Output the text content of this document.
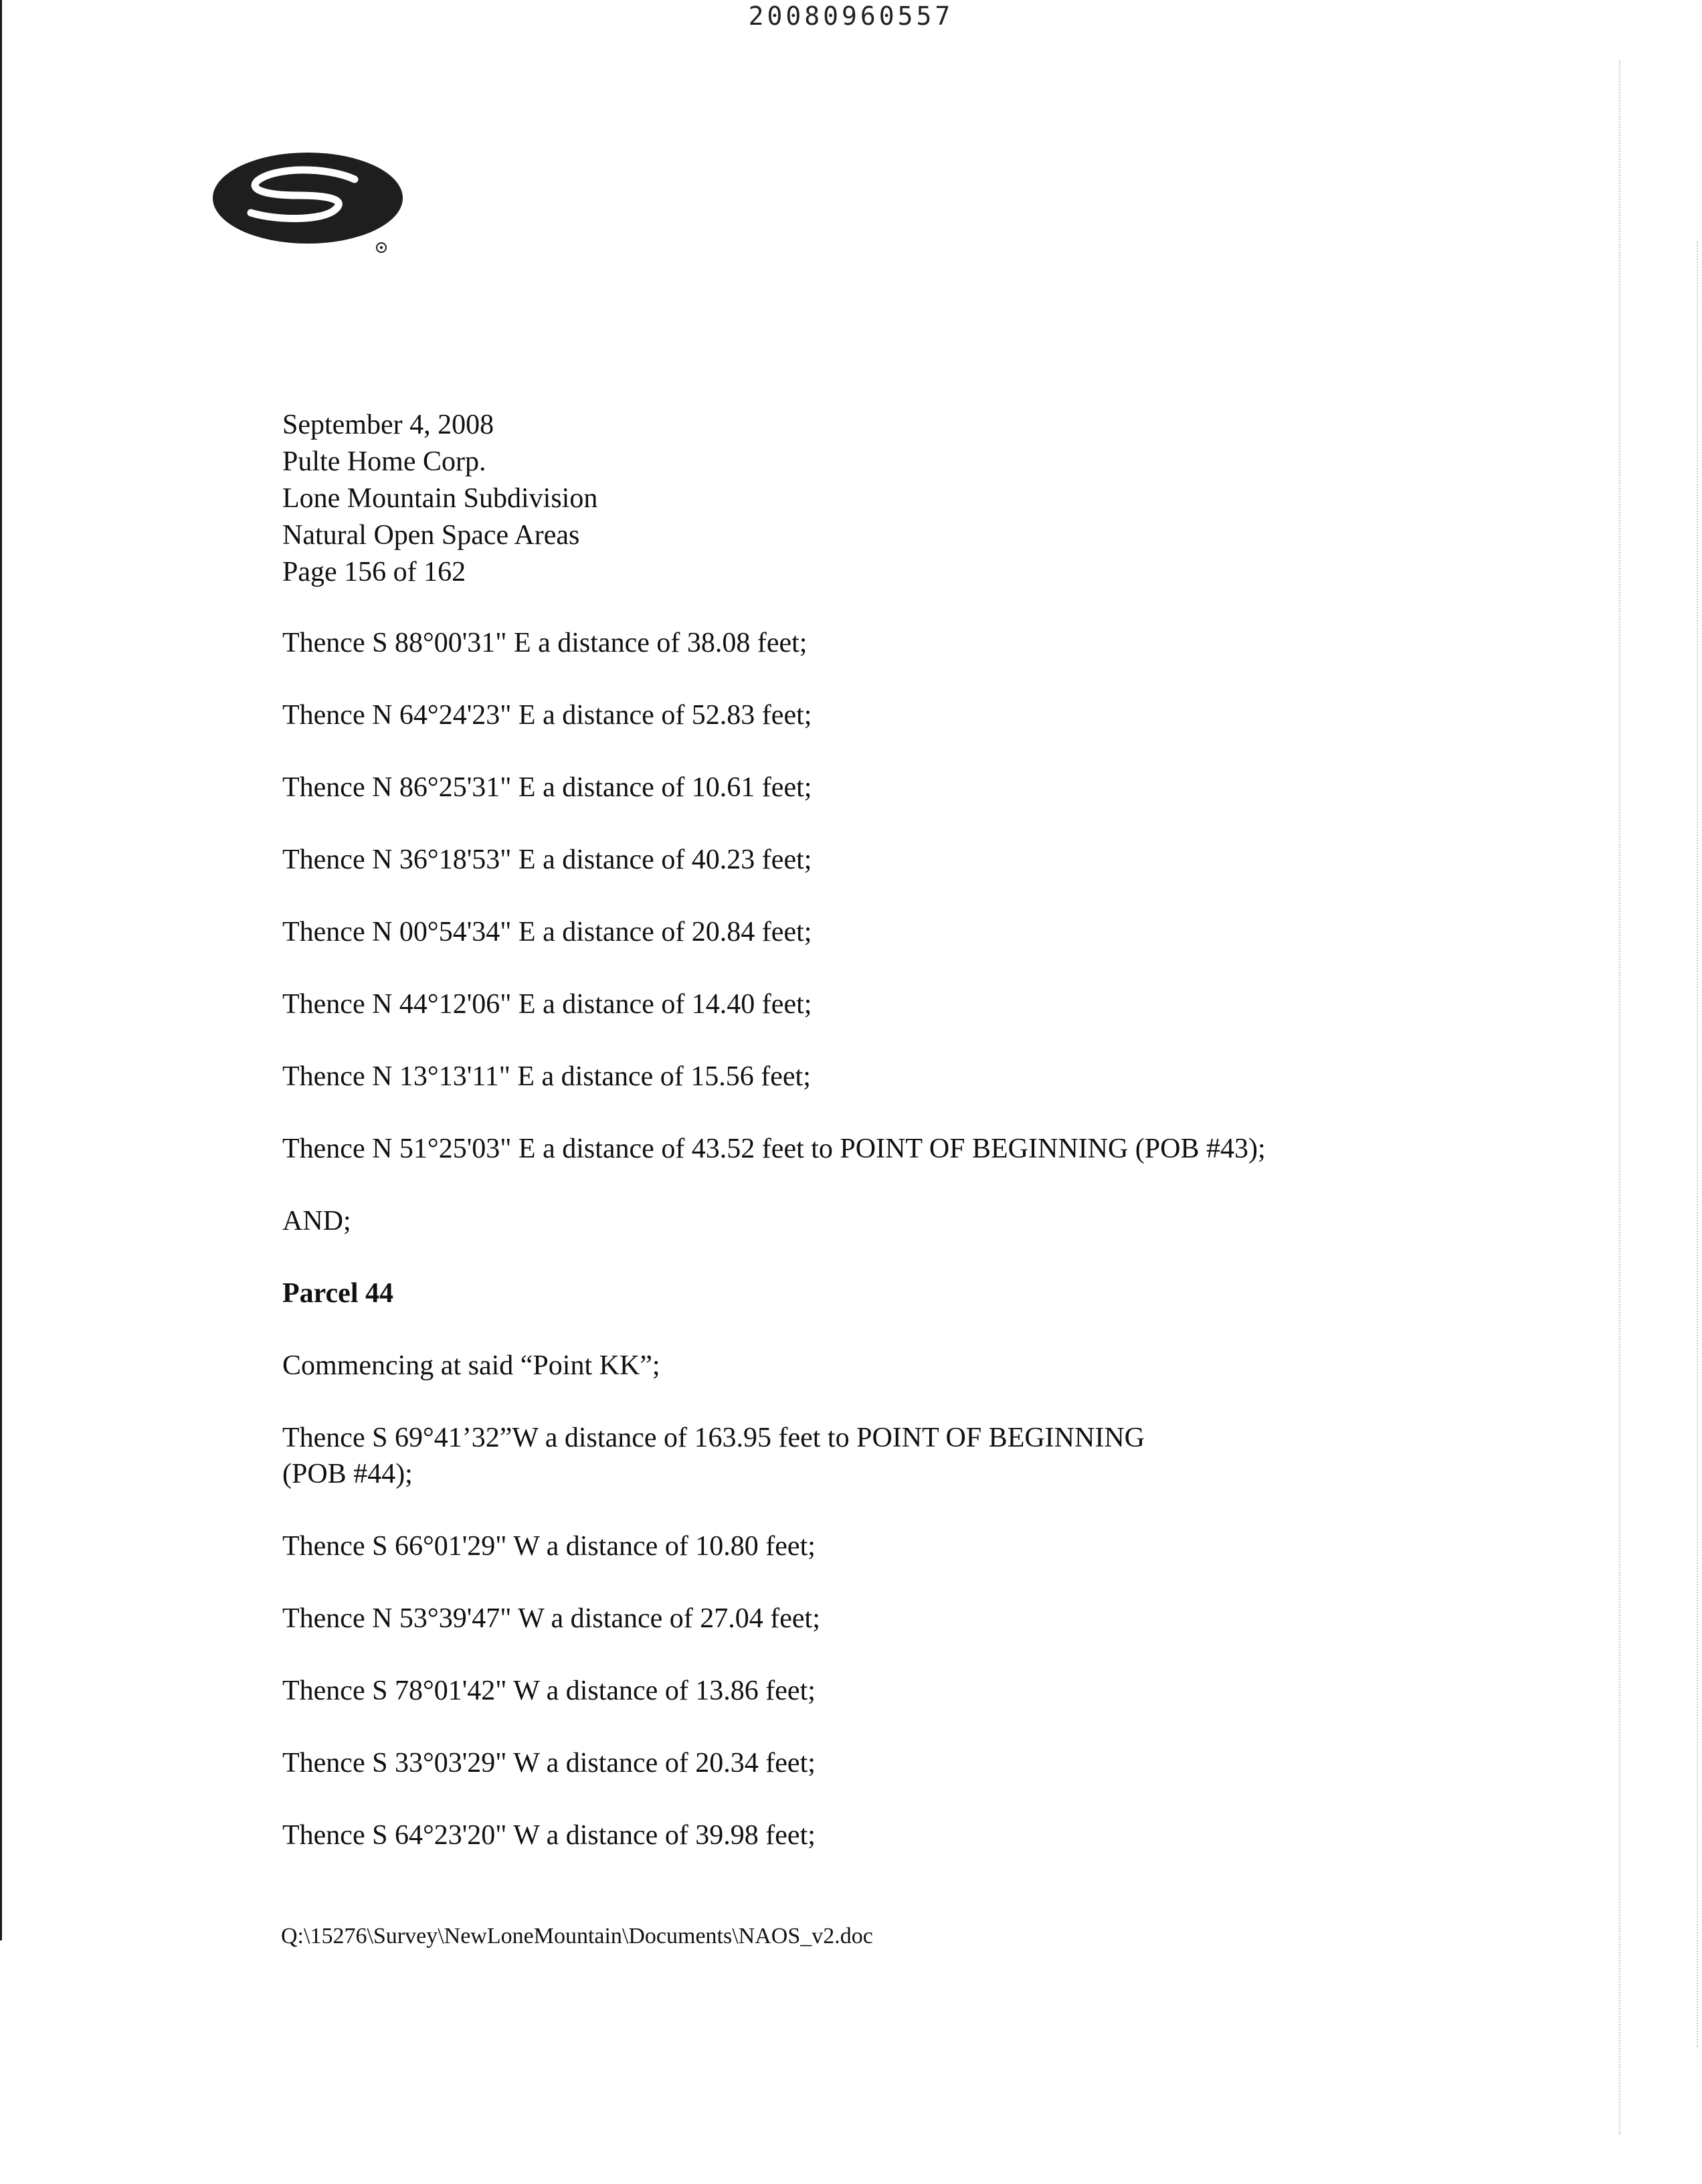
20080960557
September 4, 2008
Pulte Home Corp.
Lone Mountain Subdivision
Natural Open Space Areas
Page 156 of 162
Thence S 88°00'31" E a distance of 38.08 feet;
Thence N 64°24'23" E a distance of 52.83 feet;
Thence N 86°25'31" E a distance of 10.61 feet;
Thence N 36°18'53" E a distance of 40.23 feet;
Thence N 00°54'34" E a distance of 20.84 feet;
Thence N 44°12'06" E a distance of 14.40 feet;
Thence N 13°13'11" E a distance of 15.56 feet;
Thence N 51°25'03" E a distance of 43.52 feet to POINT OF BEGINNING (POB #43);
AND;
Parcel 44
Commencing at said “Point KK”;
Thence S 69°41’32”W a distance of 163.95 feet to POINT OF BEGINNING
(POB #44);
Thence S 66°01'29" W a distance of 10.80 feet;
Thence N 53°39'47" W a distance of 27.04 feet;
Thence S 78°01'42" W a distance of 13.86 feet;
Thence S 33°03'29" W a distance of 20.34 feet;
Thence S 64°23'20" W a distance of 39.98 feet;
Q:\15276\Survey\NewLoneMountain\Documents\NAOS_v2.doc
